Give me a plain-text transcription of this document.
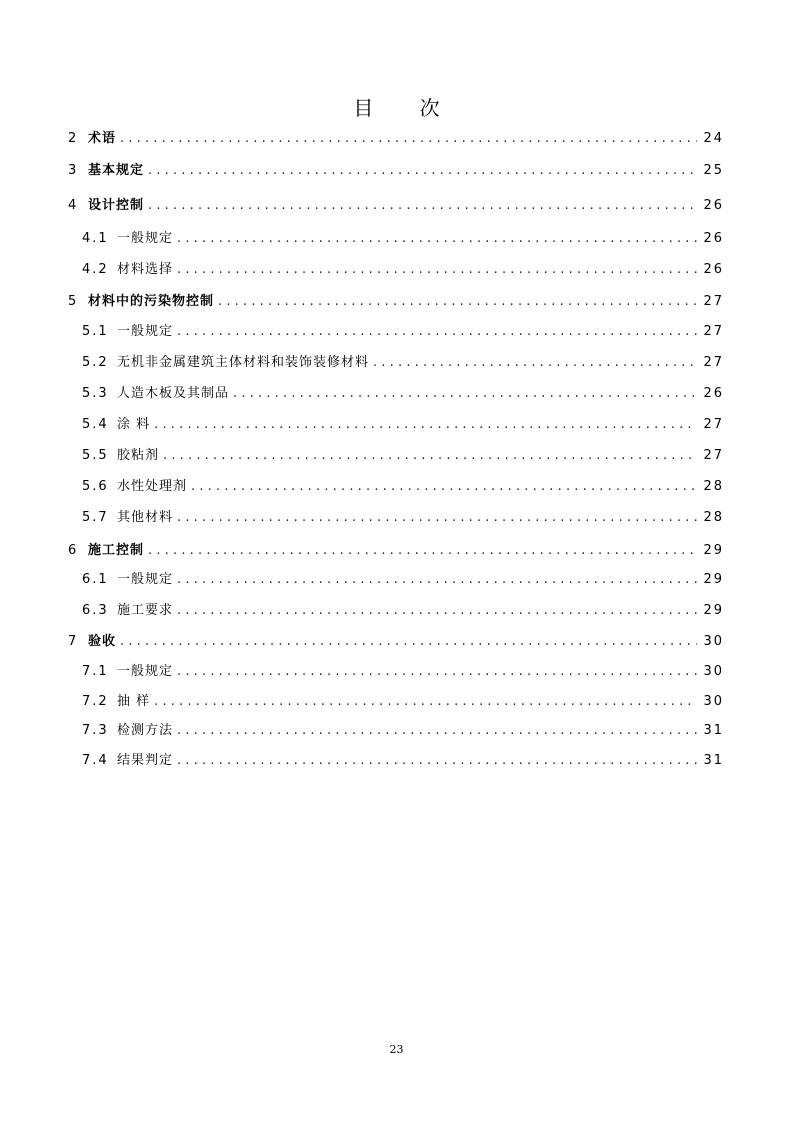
目 次
2 术语 .....	24
3 基本规定 .....	25
4 设计控制 .....	26
4.1 一般规定 .....	26
4.2 材料选择 .....	26
5 材料中的污染物控制 .....	27
5.1 一般规定 .....	27
5.2 无机非金属建筑主体材料和装饰装修材料 .....	27
5.3 人造木板及其制品 .....	26
5.4 涂 料 .....	27
5.5 胶粘剂 .....	27
5.6 水性处理剂 .....	28
5.7 其他材料 .....	28
6 施工控制 .....	29
6.1 一般规定 .....	29
6.3 施工要求 .....	29
7 验收 .....	30
7.1 一般规定 .....	30
7.2 抽 样 .....	30
7.3 检测方法 .....	31
7.4 结果判定 .....	31
23
